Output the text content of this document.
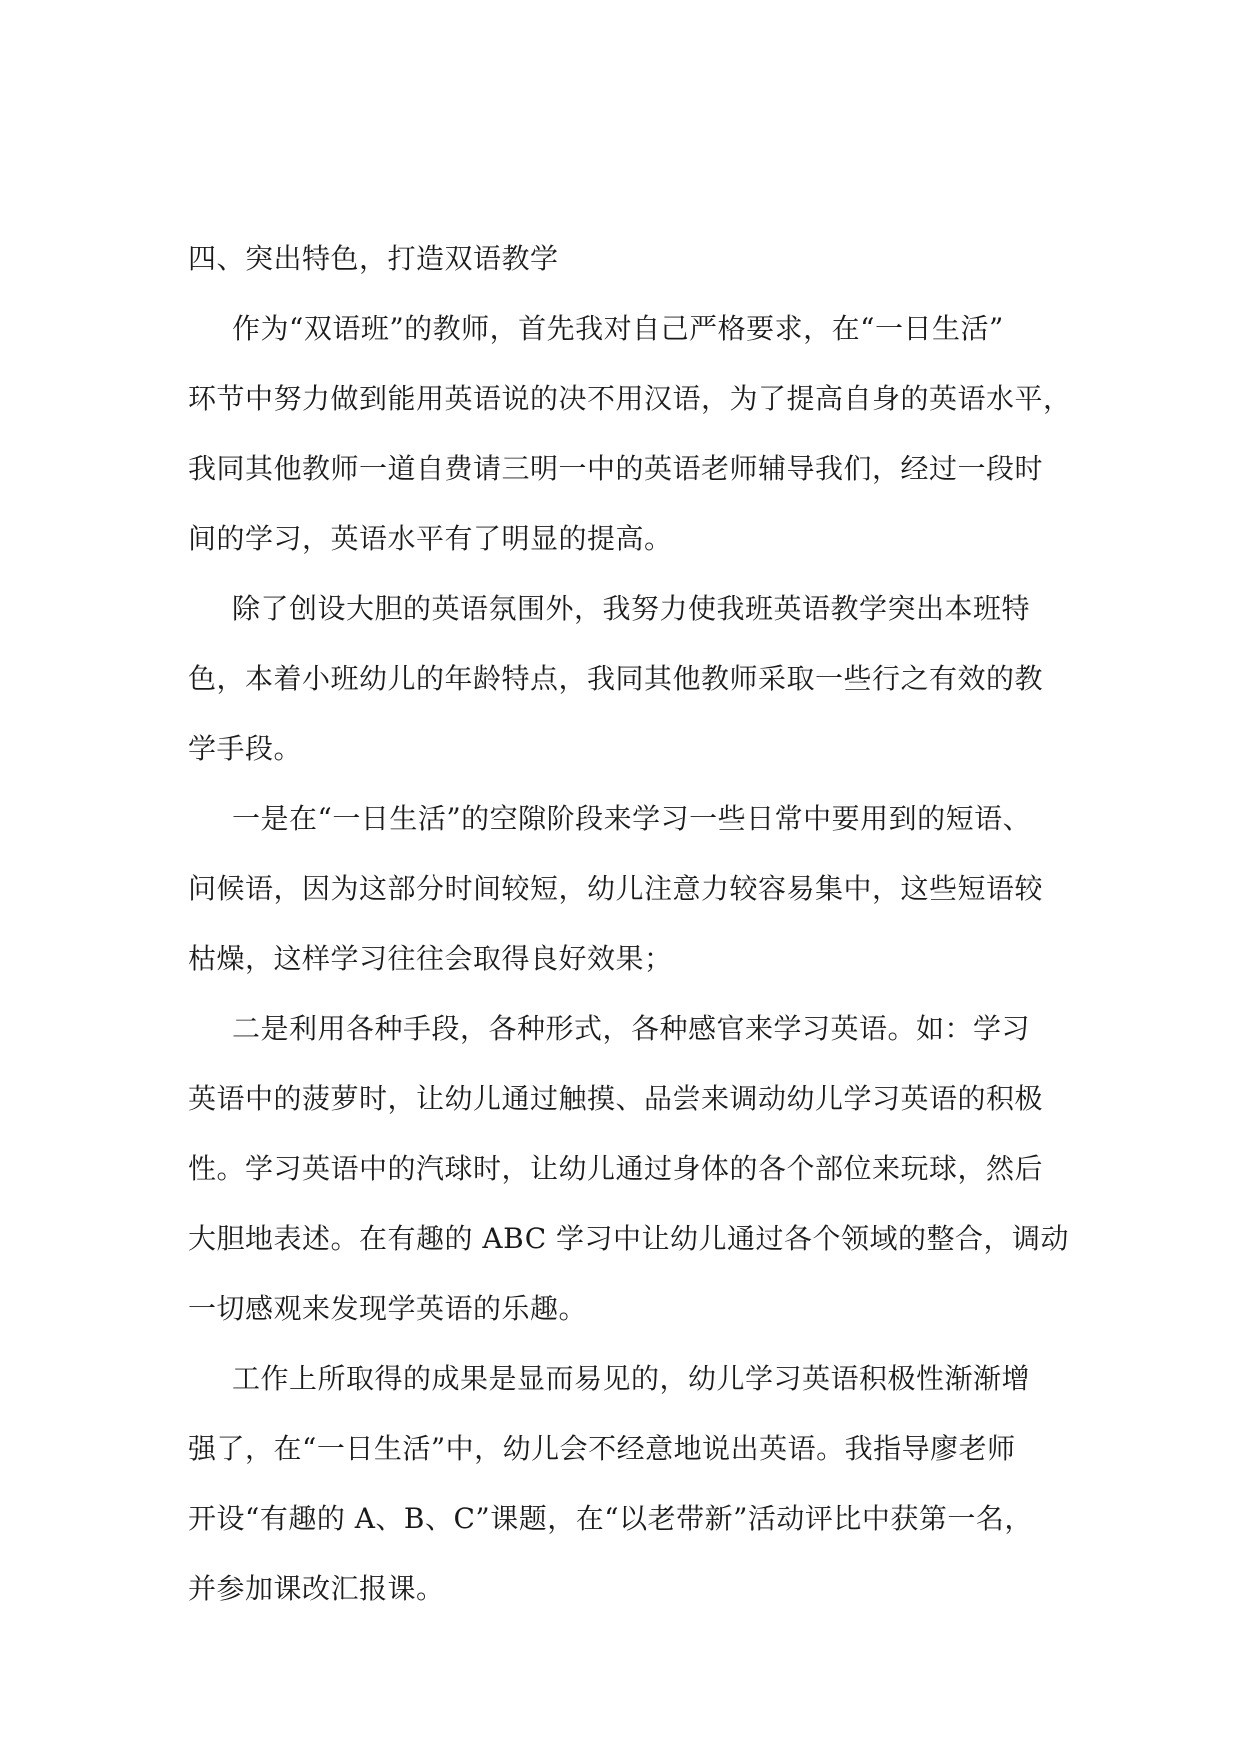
四、突出特色，打造双语教学
作为“双语班”的教师，首先我对自己严格要求，在“一日生活”
环节中努力做到能用英语说的决不用汉语，为了提高自身的英语水平，
我同其他教师一道自费请三明一中的英语老师辅导我们，经过一段时
间的学习，英语水平有了明显的提高。
除了创设大胆的英语氛围外，我努力使我班英语教学突出本班特
色，本着小班幼儿的年龄特点，我同其他教师采取一些行之有效的教
学手段。
一是在“一日生活”的空隙阶段来学习一些日常中要用到的短语、
问候语，因为这部分时间较短，幼儿注意力较容易集中，这些短语较
枯燥，这样学习往往会取得良好效果；
二是利用各种手段，各种形式，各种感官来学习英语。如：学习
英语中的菠萝时，让幼儿通过触摸、品尝来调动幼儿学习英语的积极
性。学习英语中的汽球时，让幼儿通过身体的各个部位来玩球，然后
大胆地表述。在有趣的 ABC 学习中让幼儿通过各个领域的整合，调动
一切感观来发现学英语的乐趣。
工作上所取得的成果是显而易见的，幼儿学习英语积极性渐渐增
强了，在“一日生活”中，幼儿会不经意地说出英语。我指导廖老师
开设“有趣的 A、B、C”课题，在“以老带新”活动评比中获第一名，
并参加课改汇报课。
